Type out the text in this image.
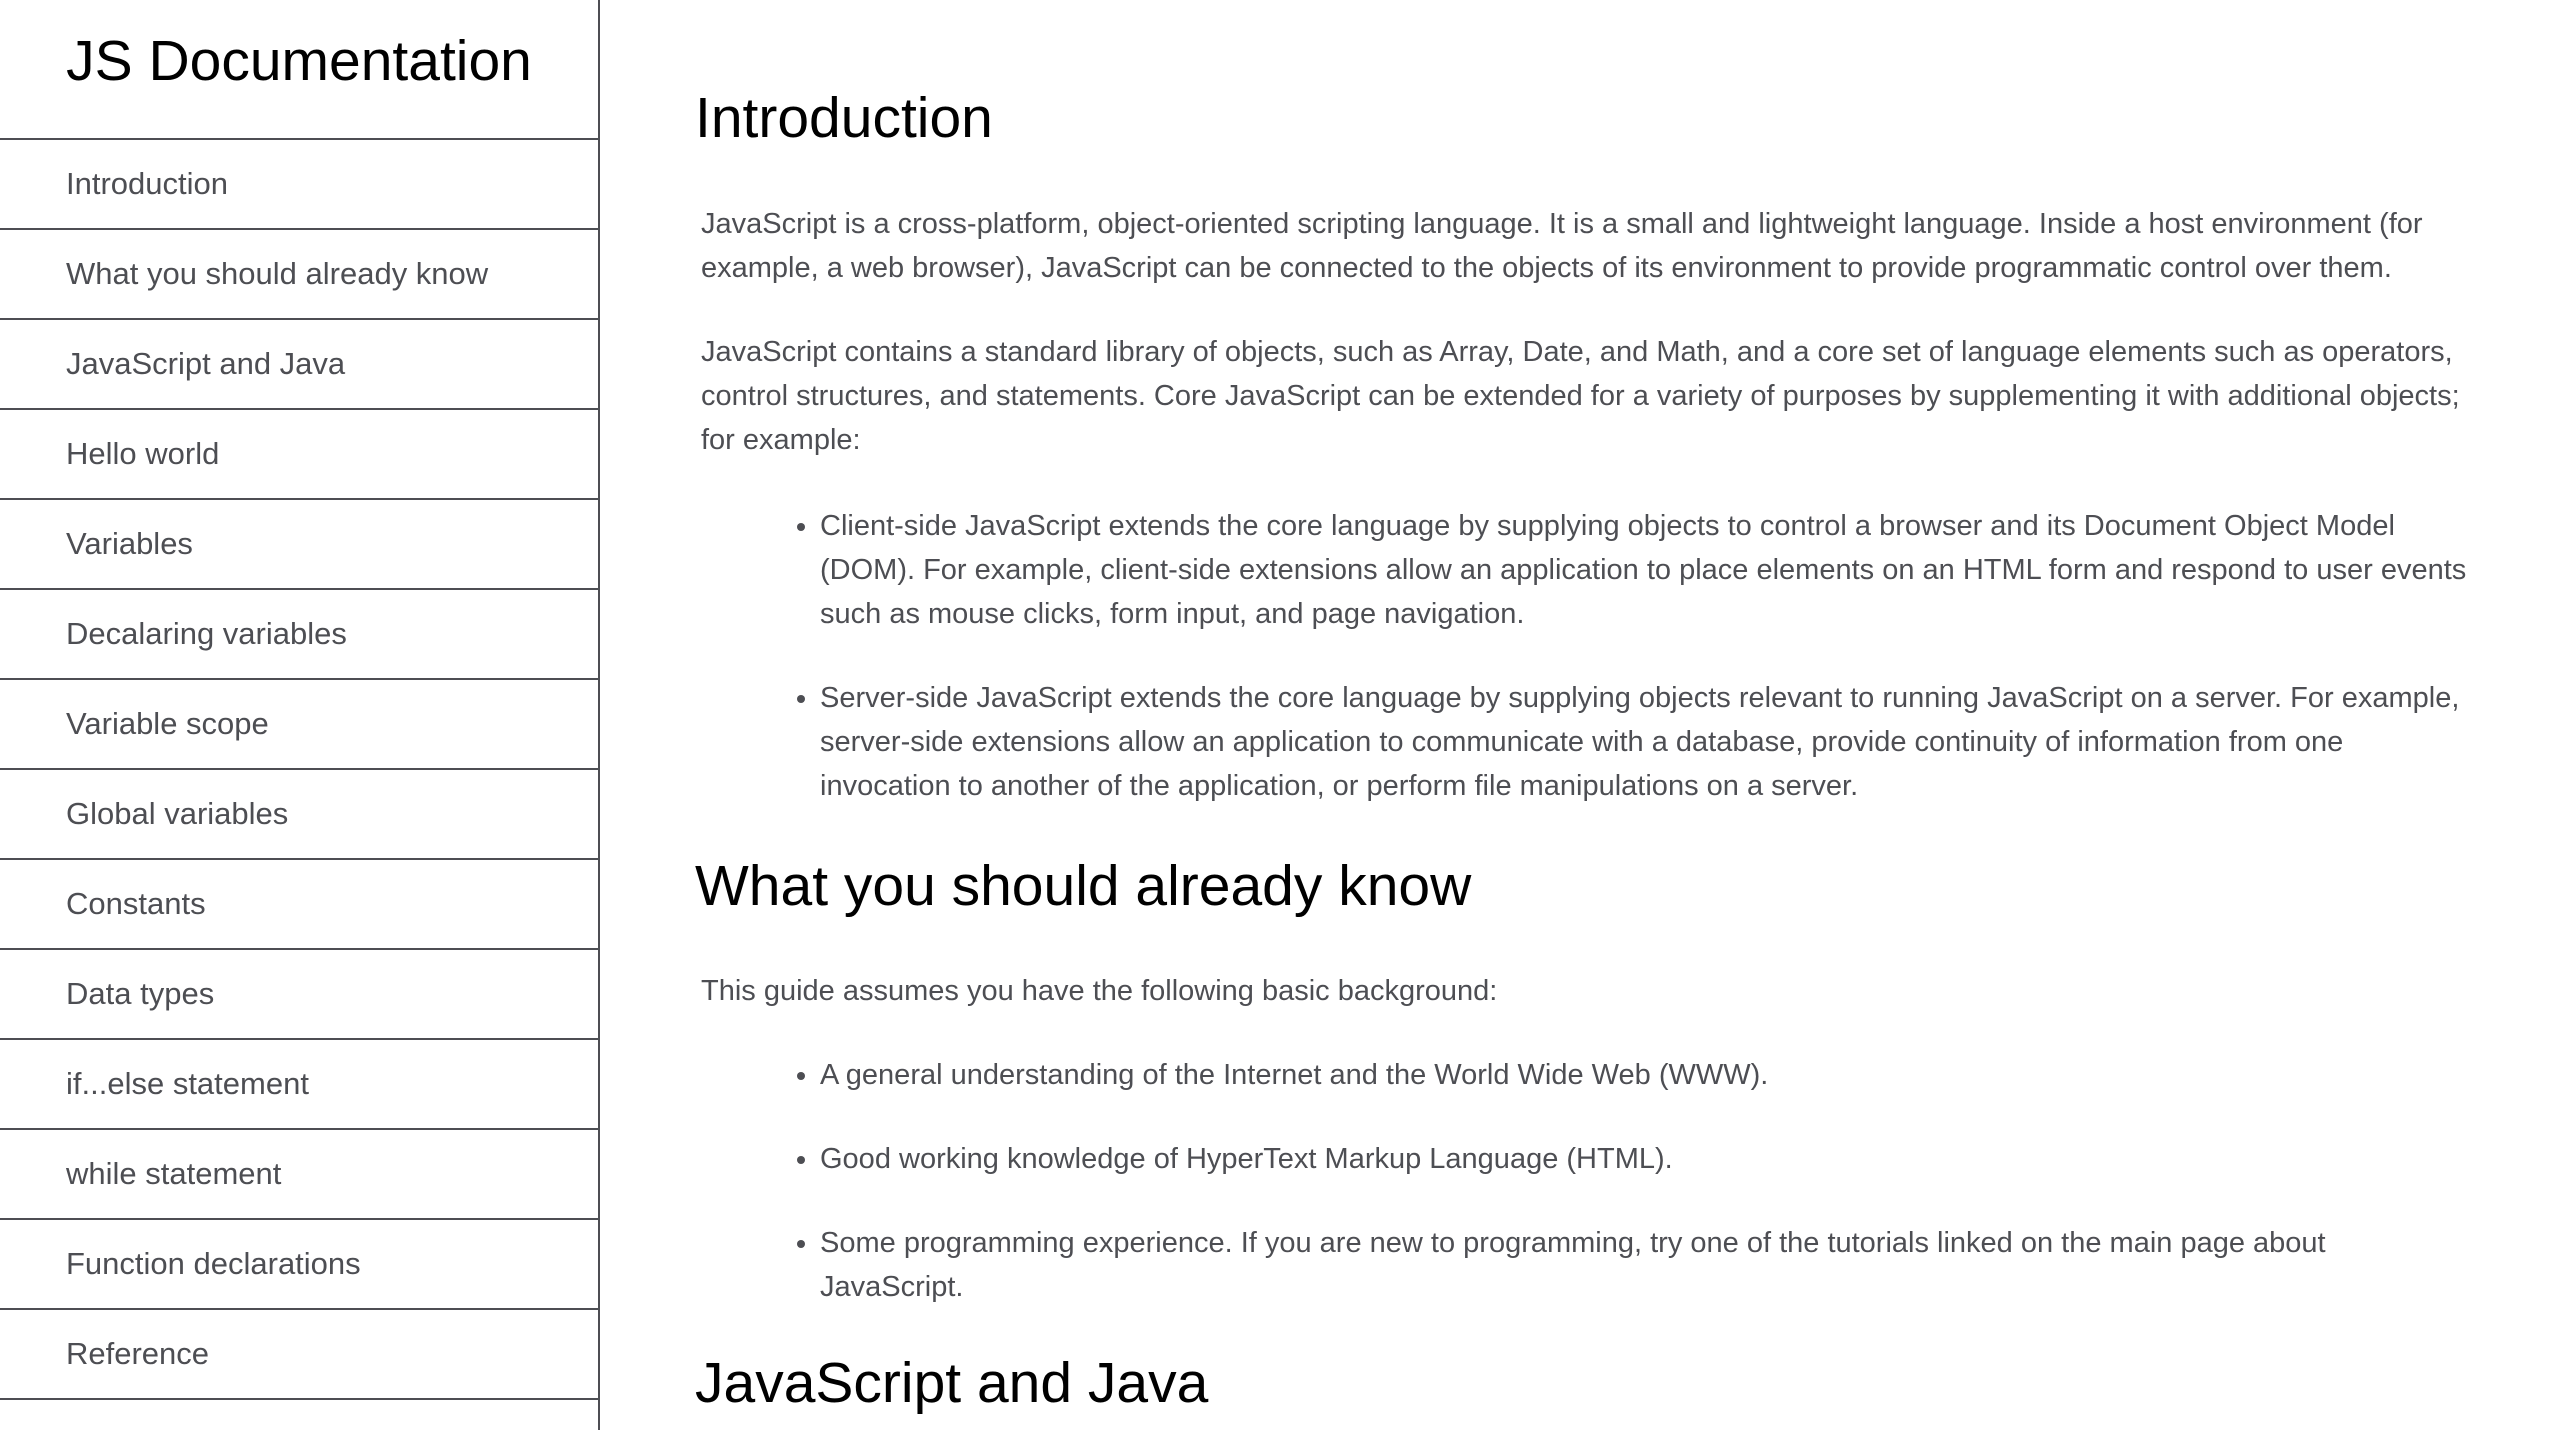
JS Documentation
Introduction
What you should already know
JavaScript and Java
Hello world
Variables
Decalaring variables
Variable scope
Global variables
Constants
Data types
if...else statement
while statement
Function declarations
Reference
Introduction

JavaScript is a cross-platform, object-oriented scripting language. It is a small and lightweight language. Inside a host environment (for example, a web browser), JavaScript can be connected to the objects of its environment to provide programmatic control over them.

JavaScript contains a standard library of objects, such as Array, Date, and Math, and a core set of language elements such as operators, control structures, and statements. Core JavaScript can be extended for a variety of purposes by supplementing it with additional objects; for example:

• Client-side JavaScript extends the core language by supplying objects to control a browser and its Document Object Model (DOM). For example, client-side extensions allow an application to place elements on an HTML form and respond to user events such as mouse clicks, form input, and page navigation.
• Server-side JavaScript extends the core language by supplying objects relevant to running JavaScript on a server. For example, server-side extensions allow an application to communicate with a database, provide continuity of information from one invocation to another of the application, or perform file manipulations on a server.
What you should already know

This guide assumes you have the following basic background:

• A general understanding of the Internet and the World Wide Web (WWW).
• Good working knowledge of HyperText Markup Language (HTML).
• Some programming experience. If you are new to programming, try one of the tutorials linked on the main page about JavaScript.
JavaScript and Java
